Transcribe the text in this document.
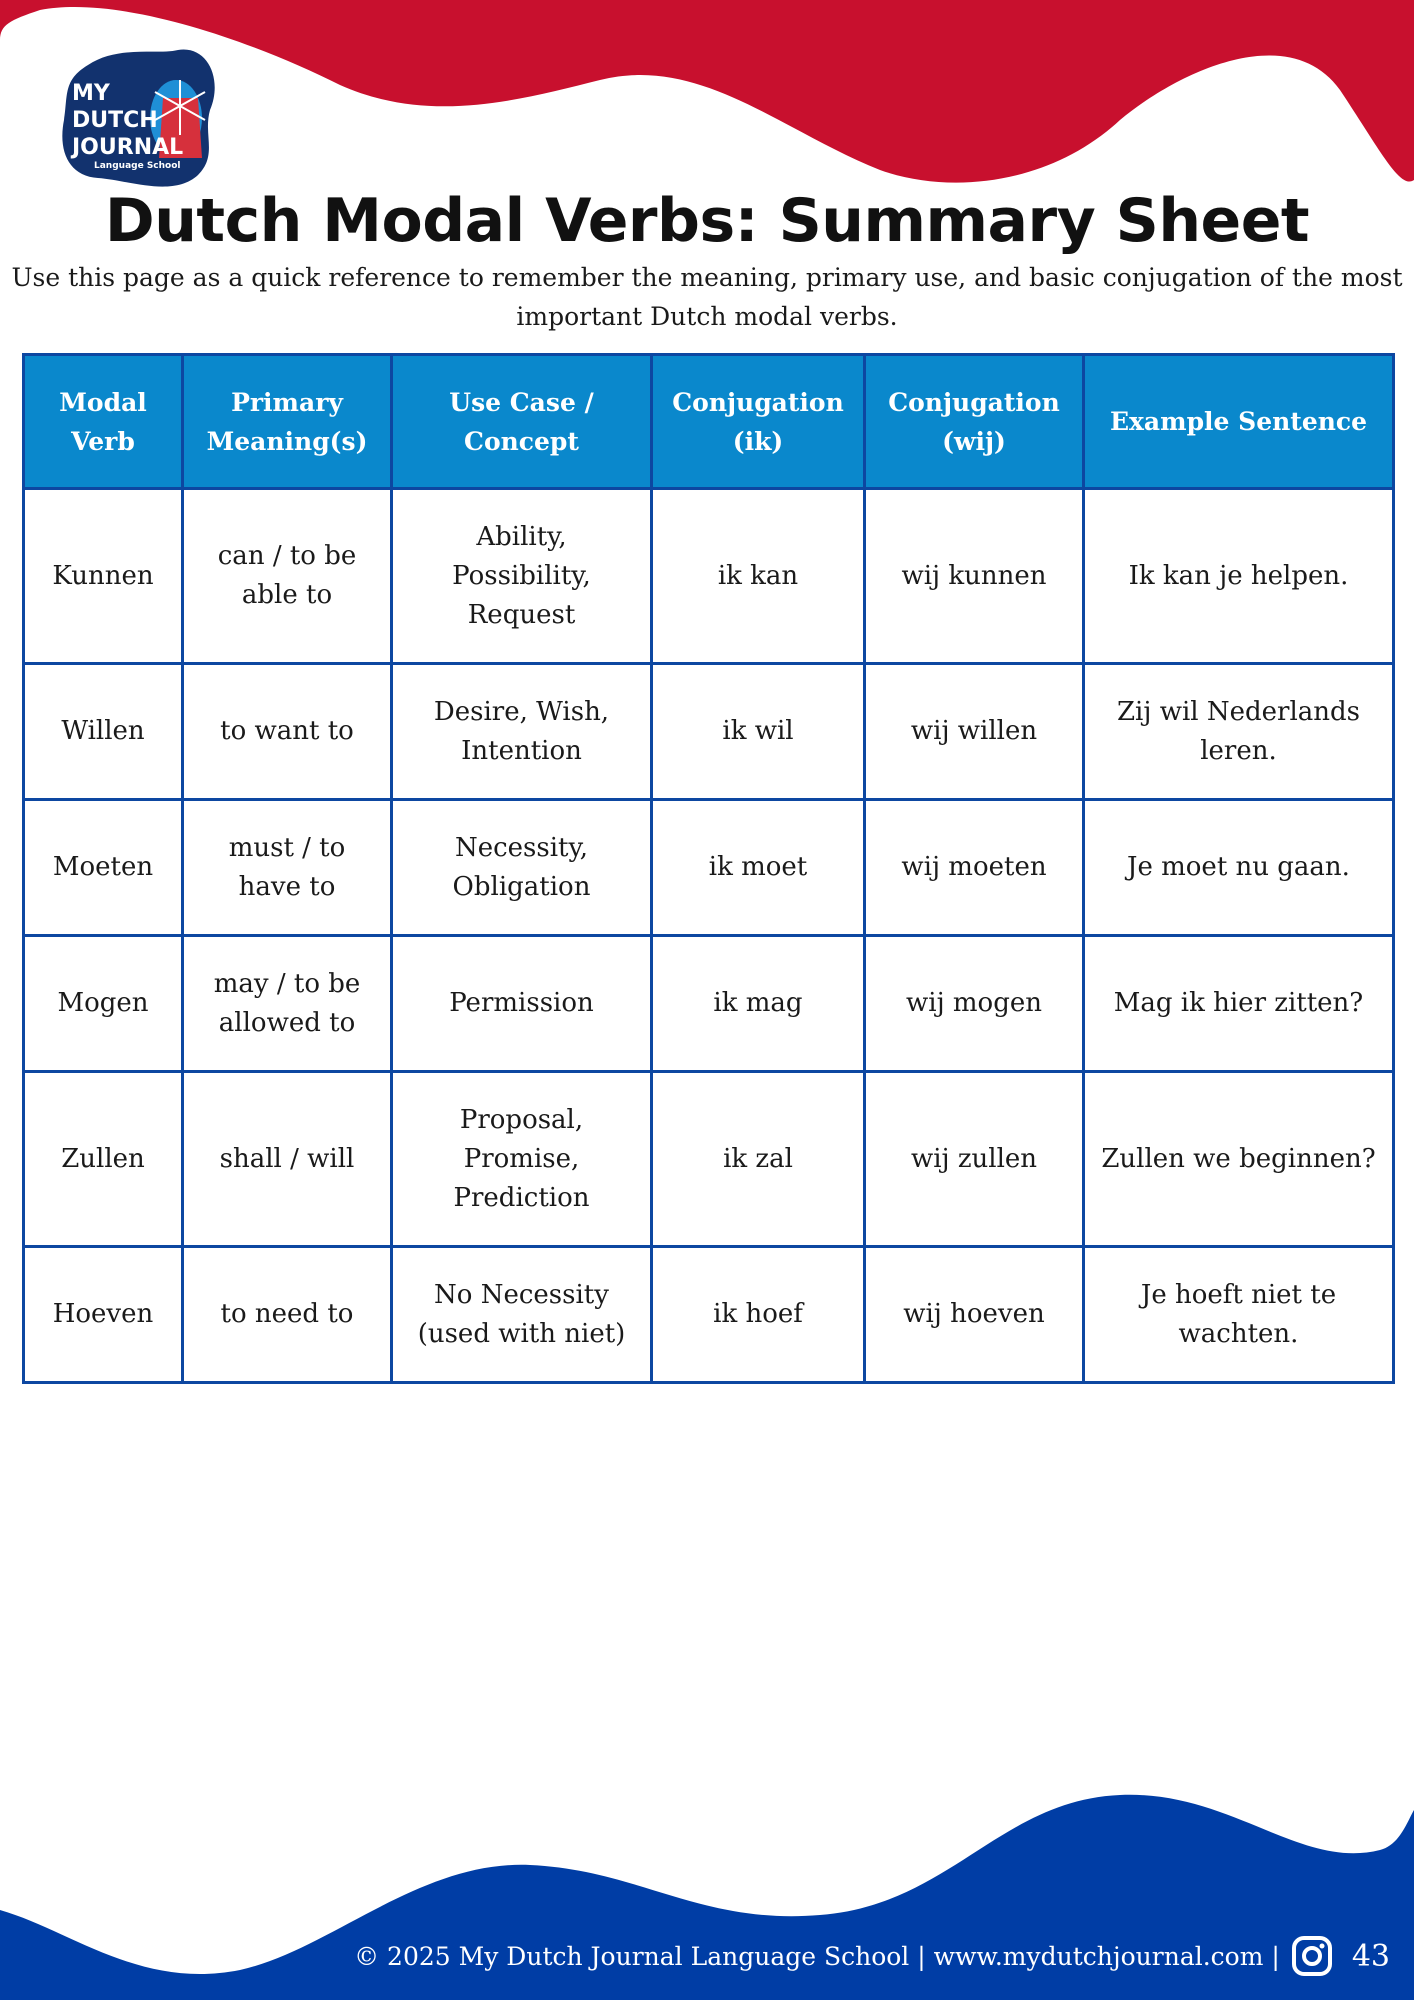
MY
DUTCH
JOURNAL
Language School
Dutch Modal Verbs: Summary Sheet

Use this page as a quick reference to remember the meaning, primary use, and basic conjugation of the most important Dutch modal verbs.

Modal Verb	Primary Meaning(s)	Use Case / Concept	Conjugation (ik)	Conjugation (wij)	Example Sentence
Kunnen	can / to be able to	Ability, Possibility, Request	ik kan	wij kunnen	Ik kan je helpen.
Willen	to want to	Desire, Wish, Intention	ik wil	wij willen	Zij wil Nederlands leren.
Moeten	must / to have to	Necessity, Obligation	ik moet	wij moeten	Je moet nu gaan.
Mogen	may / to be allowed to	Permission	ik mag	wij mogen	Mag ik hier zitten?
Zullen	shall / will	Proposal, Promise, Prediction	ik zal	wij zullen	Zullen we beginnen?
Hoeven	to need to	No Necessity (used with niet)	ik hoef	wij hoeven	Je hoeft niet te wachten.
© 2025 My Dutch Journal Language School | www.mydutchjournal.com | 43
